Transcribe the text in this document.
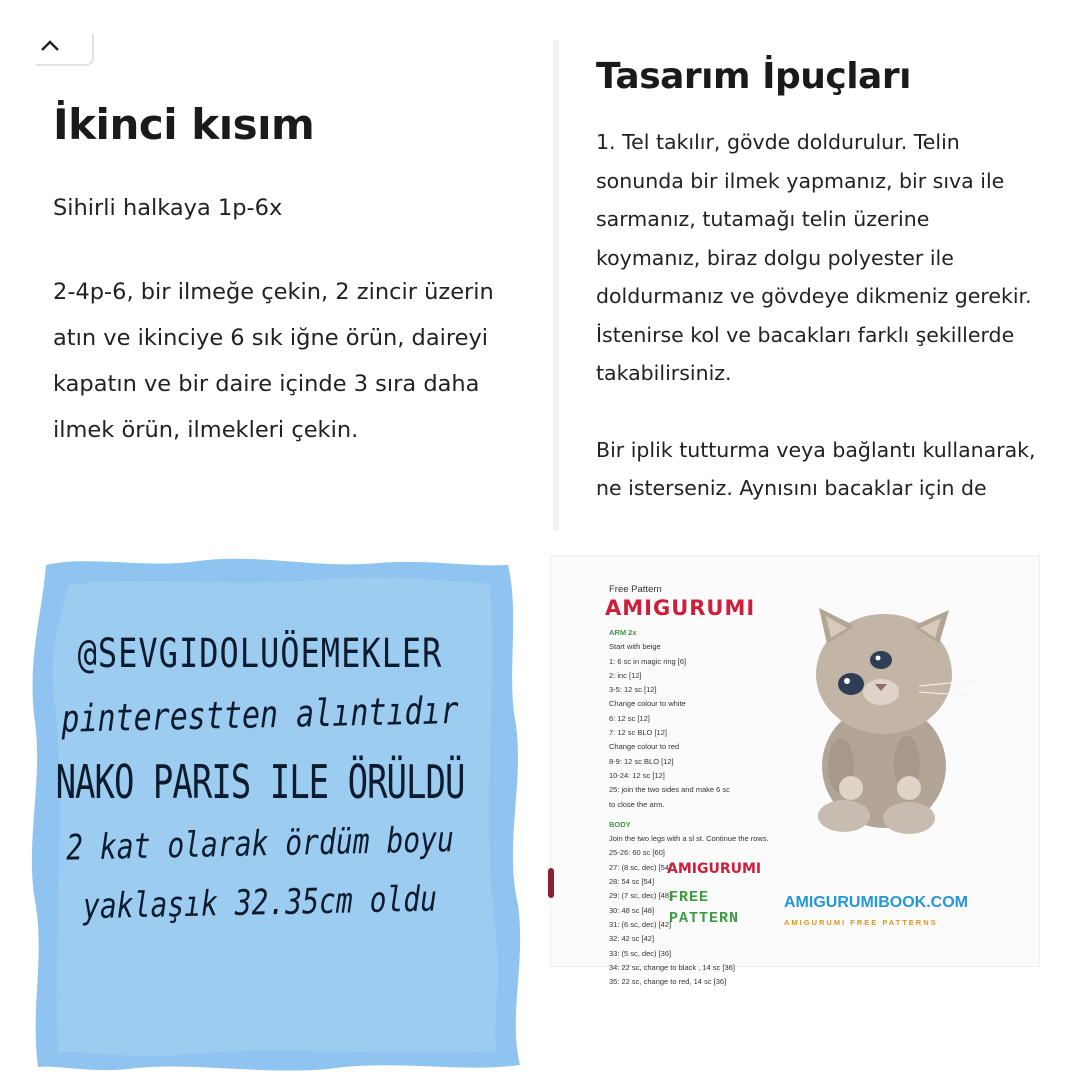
İkinci kısım

Sihirli halkaya 1p-6x

2-4p-6, bir ilmeğe çekin, 2 zincir üzerin
atın ve ikinciye 6 sık iğne örün, daireyi
kapatın ve bir daire içinde 3 sıra daha
ilmek örün, ilmekleri çekin.

Tasarım İpuçları

1. Tel takılır, gövde doldurulur. Telin
sonunda bir ilmek yapmanız, bir sıva ile
sarmanız, tutamağı telin üzerine
koymanız, biraz dolgu polyester ile
doldurmanız ve gövdeye dikmeniz gerekir.
İstenirse kol ve bacakları farklı şekillerde
takabilirsiniz.

Bir iplik tutturma veya bağlantı kullanarak,
ne isterseniz. Aynısını bacaklar için de

Free Pattern
AMIGURUMI
ARM 2x
Start with beige
1: 6 sc in magic ring [6]
2: inc [12]
3-5: 12 sc [12]
Change colour to white
6: 12 sc [12]
7: 12 sc BLO [12]
Change colour to red
8-9: 12 sc BLO [12]
10-24: 12 sc [12]
25: join the two sides and make 6 sc
to close the arm.
BODY
Join the two legs with a sl st. Continue the rows.
25-26: 60 sc [60]
27: (8 sc, dec) [54]
28: 54 sc [54]
29: (7 sc, dec) [48]
30: 48 sc [48]
31: (6 sc, dec) [42]
32: 42 sc [42]
33: (5 sc, dec) [36]
34: 22 sc, change to black , 14 sc [36]
35: 22 sc, change to red, 14 sc [36]
AMIGURUMI
FREE
PATTERN
AMIGURUMIBOOK.COM
AMIGURUMI FREE PATTERNS
@SEVGIDOLUÖEMEKLER
pinterestten alıntıdır
NAKO PARIS ILE ÖRÜLDÜ
2 kat olarak ördüm boyu
yaklaşık 32.35cm oldu
